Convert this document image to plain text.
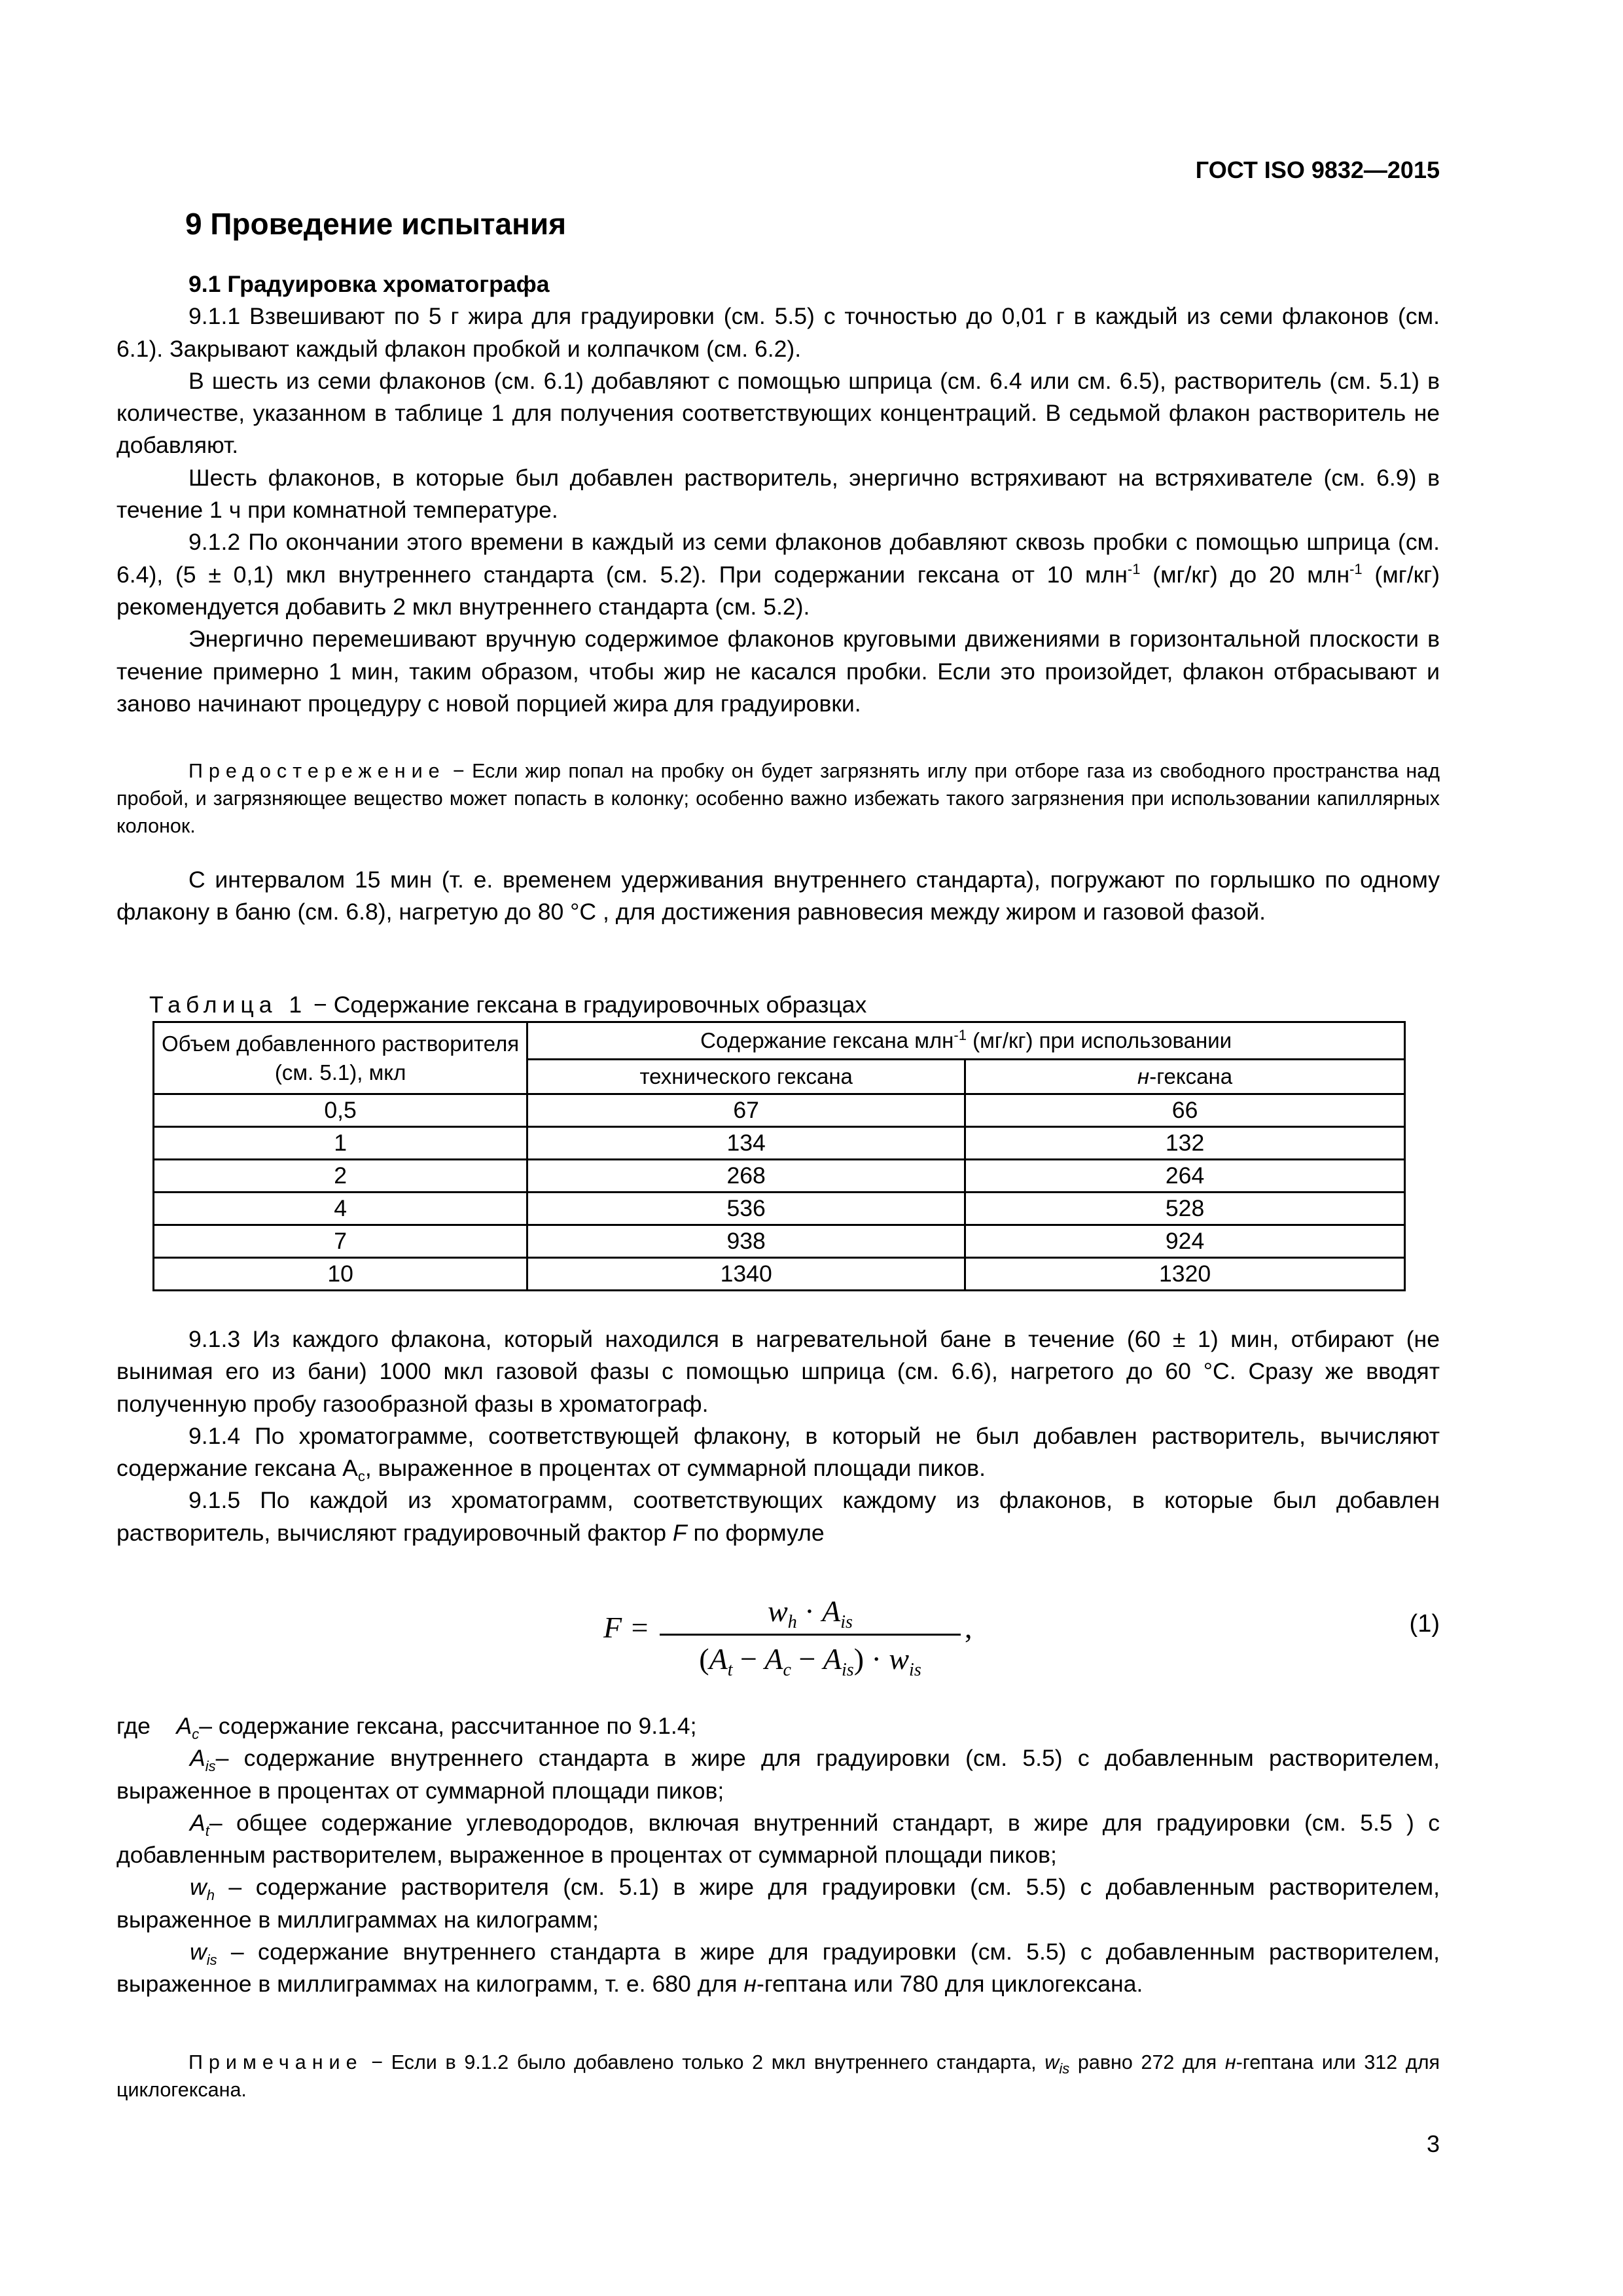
ГОСТ ISO 9832—2015
9 Проведение испытания

9.1 Градуировка хроматографа

9.1.1 Взвешивают по 5 г жира для градуировки (см. 5.5) с точностью до 0,01 г в каждый из семи флаконов (см. 6.1). Закрывают каждый флакон пробкой и колпачком (см. 6.2).

В шесть из семи флаконов (см. 6.1) добавляют с помощью шприца (см. 6.4 или см. 6.5), растворитель (см. 5.1) в количестве, указанном в таблице 1 для получения соответствующих концентраций. В седьмой флакон растворитель не добавляют.

Шесть флаконов, в которые был добавлен растворитель, энергично встряхивают на встряхивателе (см. 6.9) в течение 1 ч при комнатной температуре.

9.1.2 По окончании этого времени в каждый из семи флаконов добавляют сквозь пробки с помощью шприца (см. 6.4), (5 ± 0,1) мкл внутреннего стандарта (см. 5.2). При содержании гексана от 10 млн$^{-1}$ (мг/кг) до 20 млн$^{-1}$ (мг/кг) рекомендуется добавить 2 мкл внутреннего стандарта (см. 5.2).

Энергично перемешивают вручную содержимое флаконов круговыми движениями в горизонтальной плоскости в течение примерно 1 мин, таким образом, чтобы жир не касался пробки. Если это произойдет, флакон отбрасывают и заново начинают процедуру с новой порцией жира для градуировки.

Предостережение − Если жир попал на пробку он будет загрязнять иглу при отборе газа из свободного пространства над пробой, и загрязняющее вещество может попасть в колонку; особенно важно избежать такого загрязнения при использовании капиллярных колонок.

С интервалом 15 мин (т. е. временем удерживания внутреннего стандарта), погружают по горлышко по одному флакону в баню (см. 6.8), нагретую до 80 °С , для достижения равновесия между жиром и газовой фазой.

Таблица 1 − Содержание гексана в градуировочных образцах
Объем добавленного растворителя (см. 5.1), мкл	Содержание гексана млн$^{-1}$ (мг/кг) при использовании	
	технического гексана	н-гексана
0,5	67	66
1	134	132
2	268	264
4	536	528
7	938	924
10	1340	1320

9.1.3 Из каждого флакона, который находился в нагревательной бане в течение (60 ± 1) мин, отбирают (не вынимая его из бани) 1000 мкл газовой фазы с помощью шприца (см. 6.6), нагретого до 60 °С. Сразу же вводят полученную пробу газообразной фазы в хроматограф.

9.1.4 По хроматограмме, соответствующей флакону, в который не был добавлен растворитель, вычисляют содержание гексана $A_c$, выраженное в процентах от суммарной площади пиков.

9.1.5 По каждой из хроматограмм, соответствующих каждому из флаконов, в которые был добавлен растворитель, вычисляют градуировочный фактор F по формуле

F =	$w_h \cdot A_{is}$
$(A_t - A_c - A_{is}) \cdot w_{is}$
,	(1)

где $A_c-$ содержание гексана, рассчитанное по 9.1.4;

$A_{is}-$ содержание внутреннего стандарта в жире для градуировки (см. 5.5) с добавленным растворителем, выраженное в процентах от суммарной площади пиков;

$A_t-$ общее содержание углеводородов, включая внутренний стандарт, в жире для градуировки (см. 5.5 ) с добавленным растворителем, выраженное в процентах от суммарной площади пиков;

$w_h$ – содержание растворителя (см. 5.1) в жире для градуировки (см. 5.5) с добавленным растворителем, выраженное в миллиграммах на килограмм;

$w_{is}$ – содержание внутреннего стандарта в жире для градуировки (см. 5.5) с добавленным растворителем, выраженное в миллиграммах на килограмм, т. е. 680 для н-гептана или 780 для циклогексана.

Примечание − Если в 9.1.2 было добавлено только 2 мкл внутреннего стандарта, $w_{is}$ равно 272 для н-гептана или 312 для циклогексана.

3
